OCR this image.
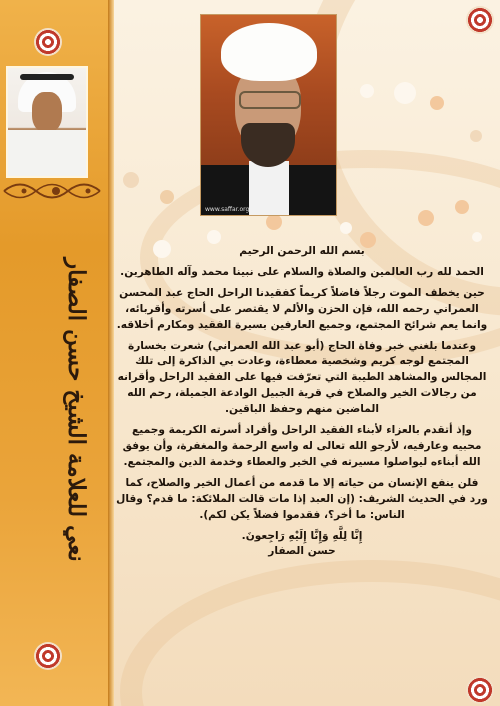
نعي للعلامة الشيخ حسن الصفار
www.saffar.org

بسم الله الرحمن الرحيم

الحمد لله رب العالمين والصلاة والسلام على نبينا محمد وآله الطاهرين.

حين يخطف الموت رجلاً فاضلاً كريماً كفقيدنا الراحل الحاج عبد المحسن العمراني رحمه الله، فإن الحزن والألم لا يقتصر على أسرته وأقربائه، وانما يعم شرائح المجتمع، وجميع العارفين بسيرة الفقيد ومكارم أخلاقه.

وعندما بلغني خبر وفاة الحاج (أبو عبد الله العمراني) شعرت بخسارة المجتمع لوجه كريم وشخصية معطاءة، وعادت بي الذاكرة إلى تلك المجالس والمشاهد الطيبة التي تعرّفت فيها على الفقيد الراحل وأقرانه من رجالات الخير والصلاح في قرية الجبيل الوادعة الجميلة، رحم الله الماضين منهم وحفظ الباقين.

وإذ أتقدم بالعزاء لأبناء الفقيد الراحل وأفراد أسرته الكريمة وجميع محبيه وعارفيه، لأرجو الله تعالى له واسع الرحمة والمغفرة، وأن يوفق الله أبناءه ليواصلوا مسيرته في الخير والعطاء وخدمة الدين والمجتمع.

فلن ينفع الإنسان من حياته إلا ما قدمه من أعمال الخير والصلاح، كما ورد في الحديث الشريف: (إن العبد إذا مات قالت الملائكة: ما قدم؟ وقال الناس: ما أخر؟، فقدموا فضلاً يكن لكم).

إِنَّا لِلَّهِ وَإِنَّا إِلَيْهِ رَاجِعونَ.

حسن الصفار
